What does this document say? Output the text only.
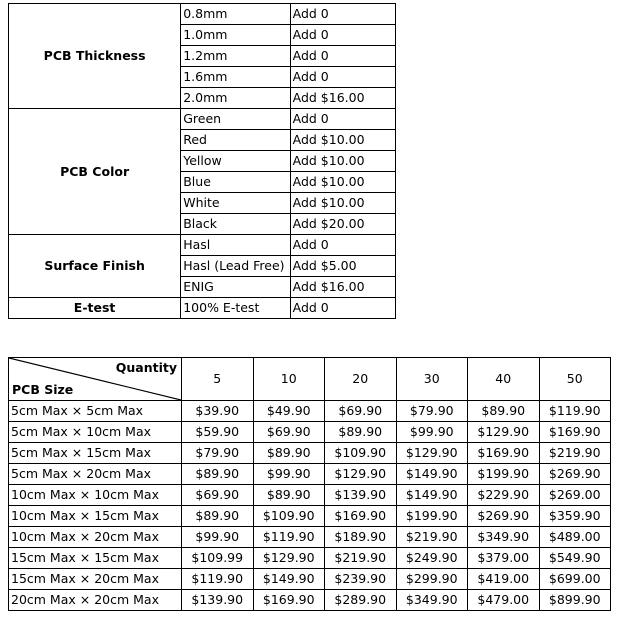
PCB Thickness	0.8mm	Add 0
	1.0mm	Add 0
	1.2mm	Add 0
	1.6mm	Add 0
	2.0mm	Add $16.00
PCB Color	Green	Add 0
	Red	Add $10.00
	Yellow	Add $10.00
	Blue	Add $10.00
	White	Add $10.00
	Black	Add $20.00
Surface Finish	Hasl	Add 0
	Hasl (Lead Free)	Add $5.00
	ENIG	Add $16.00
E-test	100% E-test	Add 0
Quantity
PCB Size	5	10	20	30	40	50
5cm Max × 5cm Max	$39.90	$49.90	$69.90	$79.90	$89.90	$119.90
5cm Max × 10cm Max	$59.90	$69.90	$89.90	$99.90	$129.90	$169.90
5cm Max × 15cm Max	$79.90	$89.90	$109.90	$129.90	$169.90	$219.90
5cm Max × 20cm Max	$89.90	$99.90	$129.90	$149.90	$199.90	$269.90
10cm Max × 10cm Max	$69.90	$89.90	$139.90	$149.90	$229.90	$269.00
10cm Max × 15cm Max	$89.90	$109.90	$169.90	$199.90	$269.90	$359.90
10cm Max × 20cm Max	$99.90	$119.90	$189.90	$219.90	$349.90	$489.00
15cm Max × 15cm Max	$109.99	$129.90	$219.90	$249.90	$379.00	$549.90
15cm Max × 20cm Max	$119.90	$149.90	$239.90	$299.90	$419.00	$699.00
20cm Max × 20cm Max	$139.90	$169.90	$289.90	$349.90	$479.00	$899.90
